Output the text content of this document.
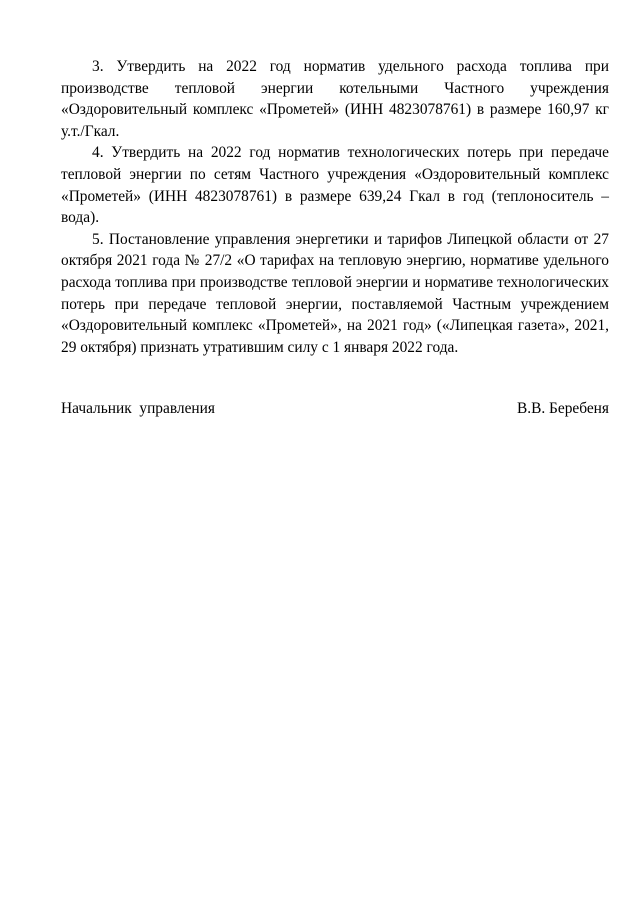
3. Утвердить на 2022 год норматив удельного расхода топлива при производстве тепловой энергии котельными Частного учреждения «Оздоровительный комплекс «Прометей» (ИНН 4823078761) в размере 160,97 кг у.т./Гкал.

4. Утвердить на 2022 год норматив технологических потерь при передаче тепловой энергии по сетям Частного учреждения «Оздоровительный комплекс «Прометей» (ИНН 4823078761) в размере 639,24 Гкал в год (теплоноситель – вода).

5. Постановление управления энергетики и тарифов Липецкой области от 27 октября 2021 года № 27/2 «О тарифах на тепловую энергию, нормативе удельного расхода топлива при производстве тепловой энергии и нормативе технологических потерь при передаче тепловой энергии, поставляемой Частным учреждением «Оздоровительный комплекс «Прометей», на 2021 год» («Липецкая газета», 2021, 29 октября) признать утратившим силу с 1 января 2022 года.

Начальник  управления	В.В. Беребеня
